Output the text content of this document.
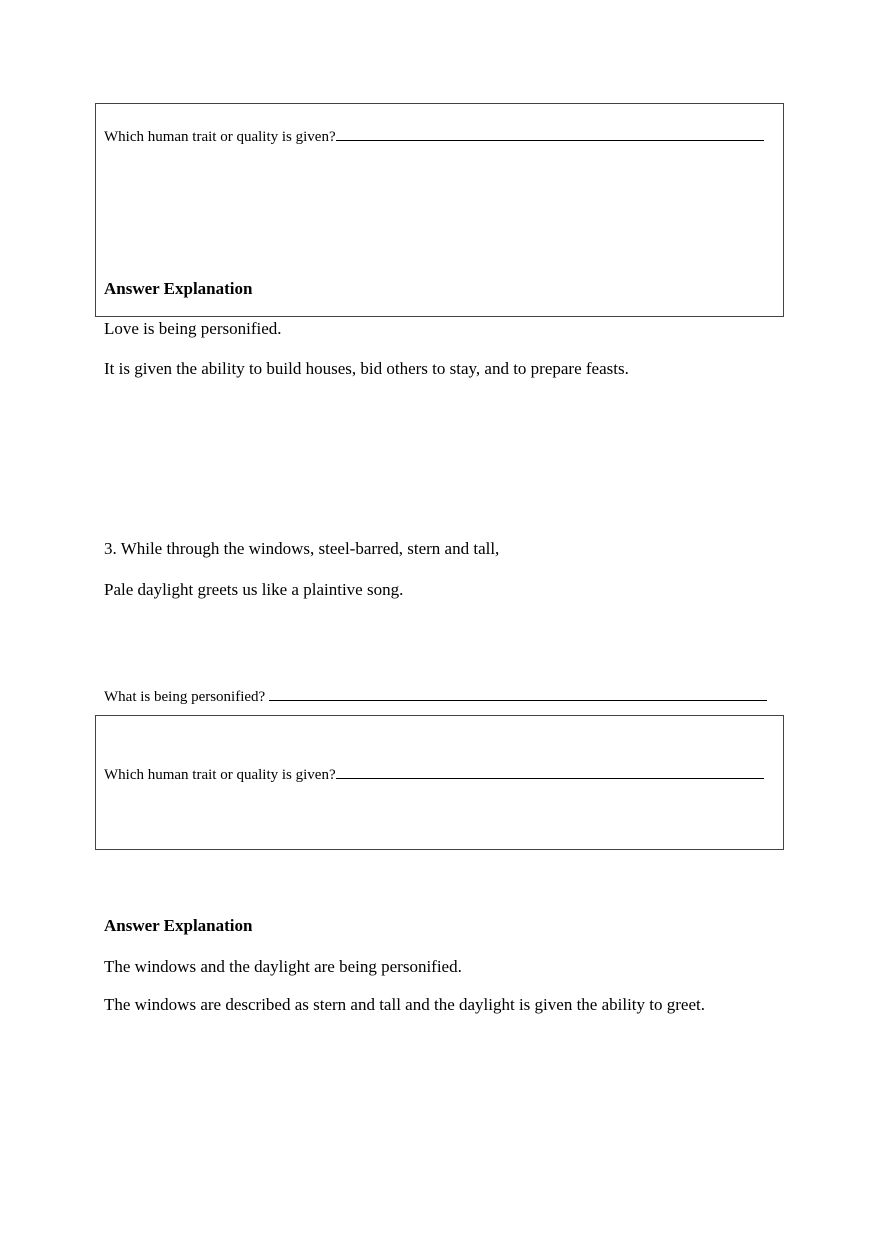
Which human trait or quality is given?
Answer Explanation
Love is being personified.
It is given the ability to build houses, bid others to stay, and to prepare feasts.
3. While through the windows, steel-barred, stern and tall,
Pale daylight greets us like a plaintive song.
What is being personified?
Which human trait or quality is given?
Answer Explanation
The windows and the daylight are being personified.
The windows are described as stern and tall and the daylight is given the ability to greet.
